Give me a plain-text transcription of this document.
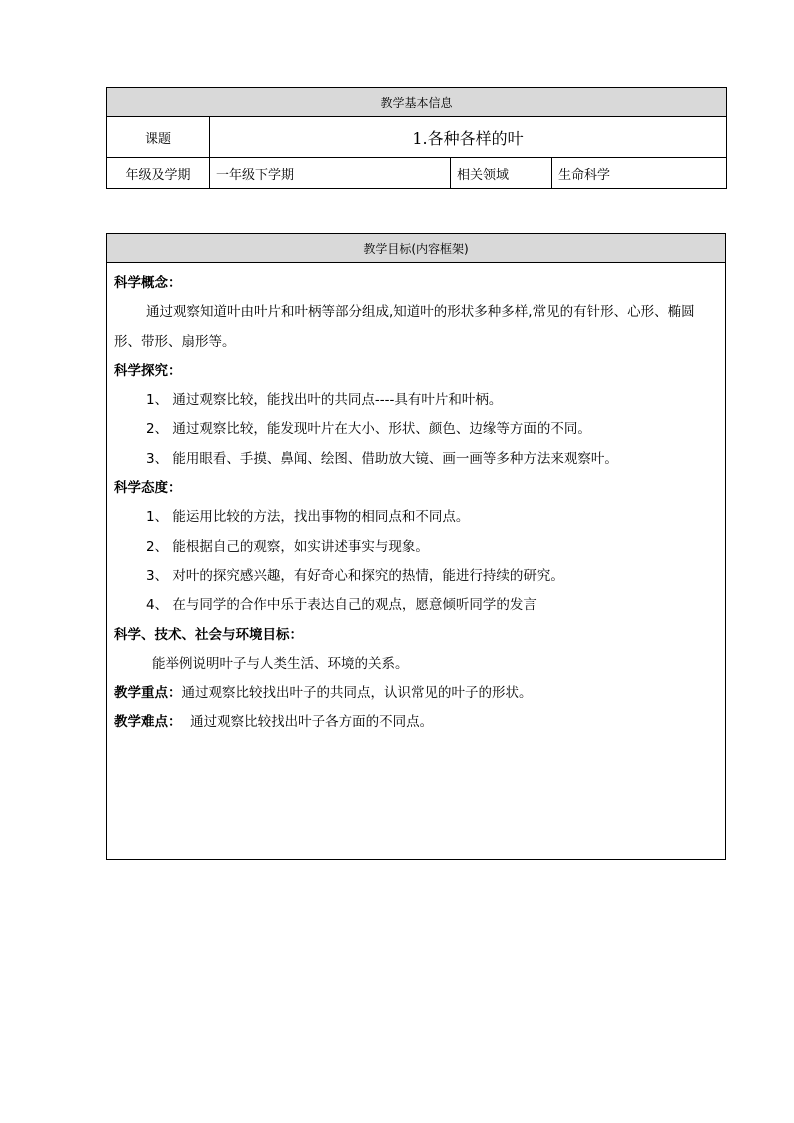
教学基本信息			
课题	1.各种各样的叶		
年级及学期	一年级下学期	相关领域	生命科学
教学目标(内容框架)

科学概念：

通过观察知道叶由叶片和叶柄等部分组成,知道叶的形状多种多样,常见的有针形、心形、椭圆形、带形、扇形等。

科学探究：

1、 通过观察比较，能找出叶的共同点----具有叶片和叶柄。

2、 通过观察比较，能发现叶片在大小、形状、颜色、边缘等方面的不同。

3、 能用眼看、手摸、鼻闻、绘图、借助放大镜、画一画等多种方法来观察叶。

科学态度：

1、 能运用比较的方法，找出事物的相同点和不同点。

2、 能根据自己的观察，如实讲述事实与现象。

3、 对叶的探究感兴趣，有好奇心和探究的热情，能进行持续的研究。

4、 在与同学的合作中乐于表达自己的观点，愿意倾听同学的发言

科学、技术、社会与环境目标：

能举例说明叶子与人类生活、环境的关系。

教学重点：通过观察比较找出叶子的共同点，认识常见的叶子的形状。

教学难点： 通过观察比较找出叶子各方面的不同点。
